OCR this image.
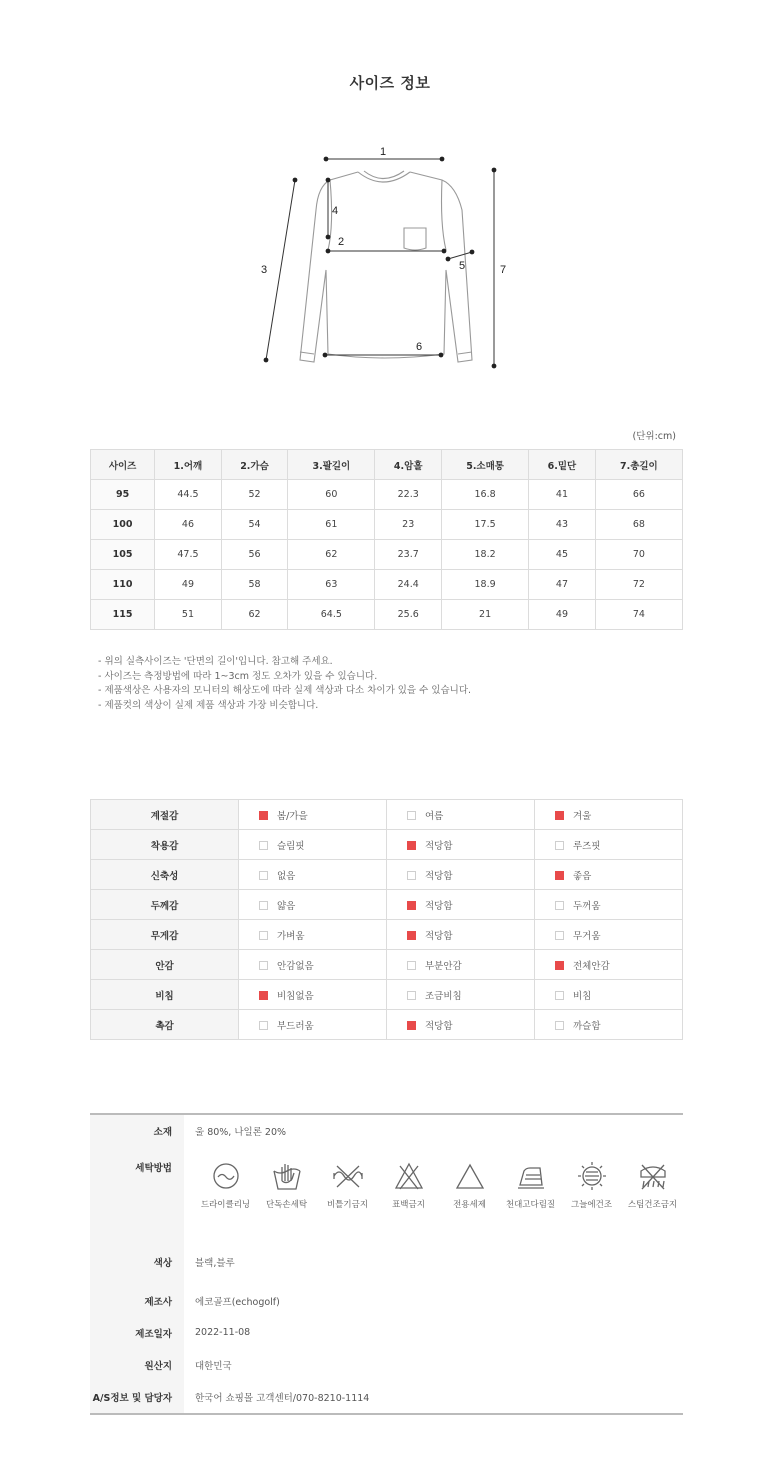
사이즈 정보
1
2
3
4
5
6
7
(단위:cm)
사이즈	1.어깨	2.가슴	3.팔길이	4.암홀	5.소매통	6.밑단	7.총길이
95	44.5	52	60	22.3	16.8	41	66
100	46	54	61	23	17.5	43	68
105	47.5	56	62	23.7	18.2	45	70
110	49	58	63	24.4	18.9	47	72
115	51	62	64.5	25.6	21	49	74
- 위의 실측사이즈는 '단면의 길이'입니다. 참고해 주세요.
- 사이즈는 측정방법에 따라 1~3cm 정도 오차가 있을 수 있습니다.
- 제품색상은 사용자의 모니터의 해상도에 따라 실제 색상과 다소 차이가 있을 수 있습니다.
- 제품컷의 색상이 실제 제품 색상과 가장 비슷합니다.
계절감	봄/가을	여름	겨울
착용감	슬림핏	적당함	루즈핏
신축성	없음	적당함	좋음
두께감	얇음	적당함	두꺼움
무게감	가벼움	적당함	무거움
안감	안감없음	부분안감	전체안감
비침	비침없음	조금비침	비침
촉감	부드러움	적당함	까슬함
소재	울 80%, 나일론 20%
세탁방법
드라이클리닝 단독손세탁 비틀기금지	표백금지	전용세제 천대고다림질 그늘에건조 스팀건조금지
색상	블랙,블루
제조사	에코골프(echogolf)
제조일자	2022-11-08
원산지	대한민국
A/S정보 및 담당자	한국어 쇼핑몰 고객센터/070-8210-1114
